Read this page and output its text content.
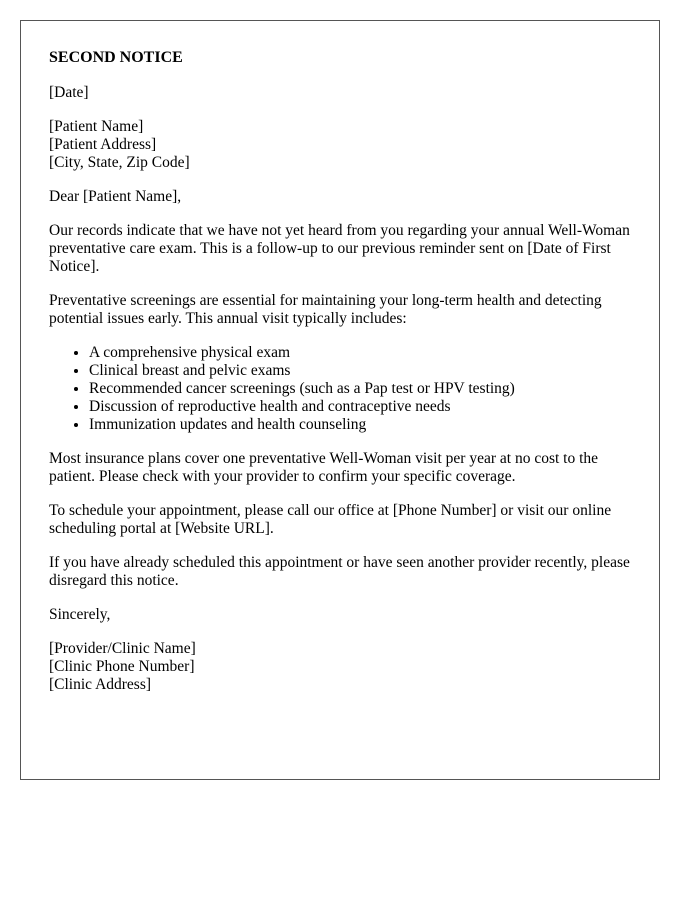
SECOND NOTICE

[Date]

[Patient Name]
[Patient Address]
[City, State, Zip Code]

Dear [Patient Name],

Our records indicate that we have not yet heard from you regarding your annual Well-Woman preventative care exam. This is a follow-up to our previous reminder sent on [Date of First Notice].

Preventative screenings are essential for maintaining your long-term health and detecting potential issues early. This annual visit typically includes:

• A comprehensive physical exam
• Clinical breast and pelvic exams
• Recommended cancer screenings (such as a Pap test or HPV testing)
• Discussion of reproductive health and contraceptive needs
• Immunization updates and health counseling

Most insurance plans cover one preventative Well-Woman visit per year at no cost to the patient. Please check with your provider to confirm your specific coverage.

To schedule your appointment, please call our office at [Phone Number] or visit our online scheduling portal at [Website URL].

If you have already scheduled this appointment or have seen another provider recently, please disregard this notice.

Sincerely,

[Provider/Clinic Name]
[Clinic Phone Number]
[Clinic Address]
